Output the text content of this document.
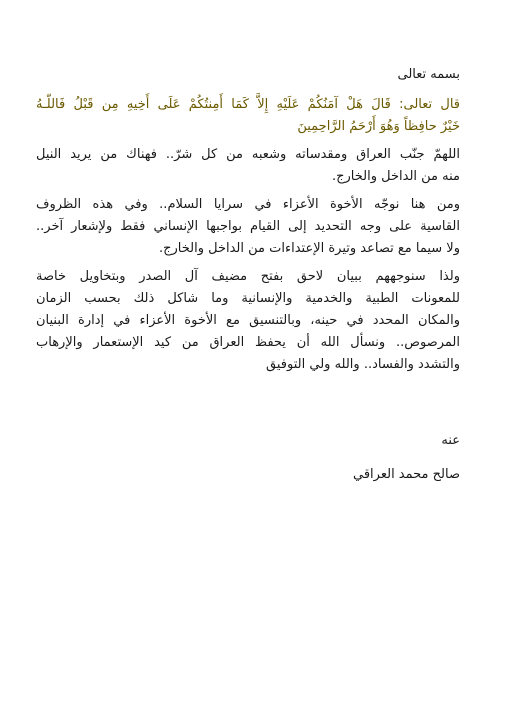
بسمه تعالى
قال تعالى: قَالَ هَلْ آمَنُكُمْ عَلَيْهِ إِلاَّ كَمَا أَمِنتُكُمْ عَلَى أَخِيهِ مِن قَبْلُ فَاللّـهُ
خَيْرٌ حافِظاً وَهُوَ أَرْحَمُ الرَّاحِمِينَ
اللهمّ جنّب العراق ومقدساته وشعبه من كل شرّ.. فهناك من يريد النيل
منه من الداخل والخارج.
ومن هنا نوجّه الأخوة الأعزاء في سرايا السلام.. وفي هذه الظروف
القاسية على وجه التحديد إلى القيام بواجبها الإنساني فقط ولإشعار آخر..
ولا سيما مع تصاعد وتيرة الإعتداءات من الداخل والخارج.
ولذا سنوجههم ببيان لاحق بفتح مضيف آل الصدر وبتخاويل خاصة
للمعونات الطبية والخدمية والإنسانية وما شاكل ذلك بحسب الزمان
والمكان المحدد في حينه، وبالتنسيق مع الأخوة الأعزاء في إدارة البنيان
المرصوص.. ونسأل الله أن يحفظ العراق من كيد الإستعمار والإرهاب
والتشدد والفساد.. والله ولي التوفيق
عنه
صالح محمد العراقي
